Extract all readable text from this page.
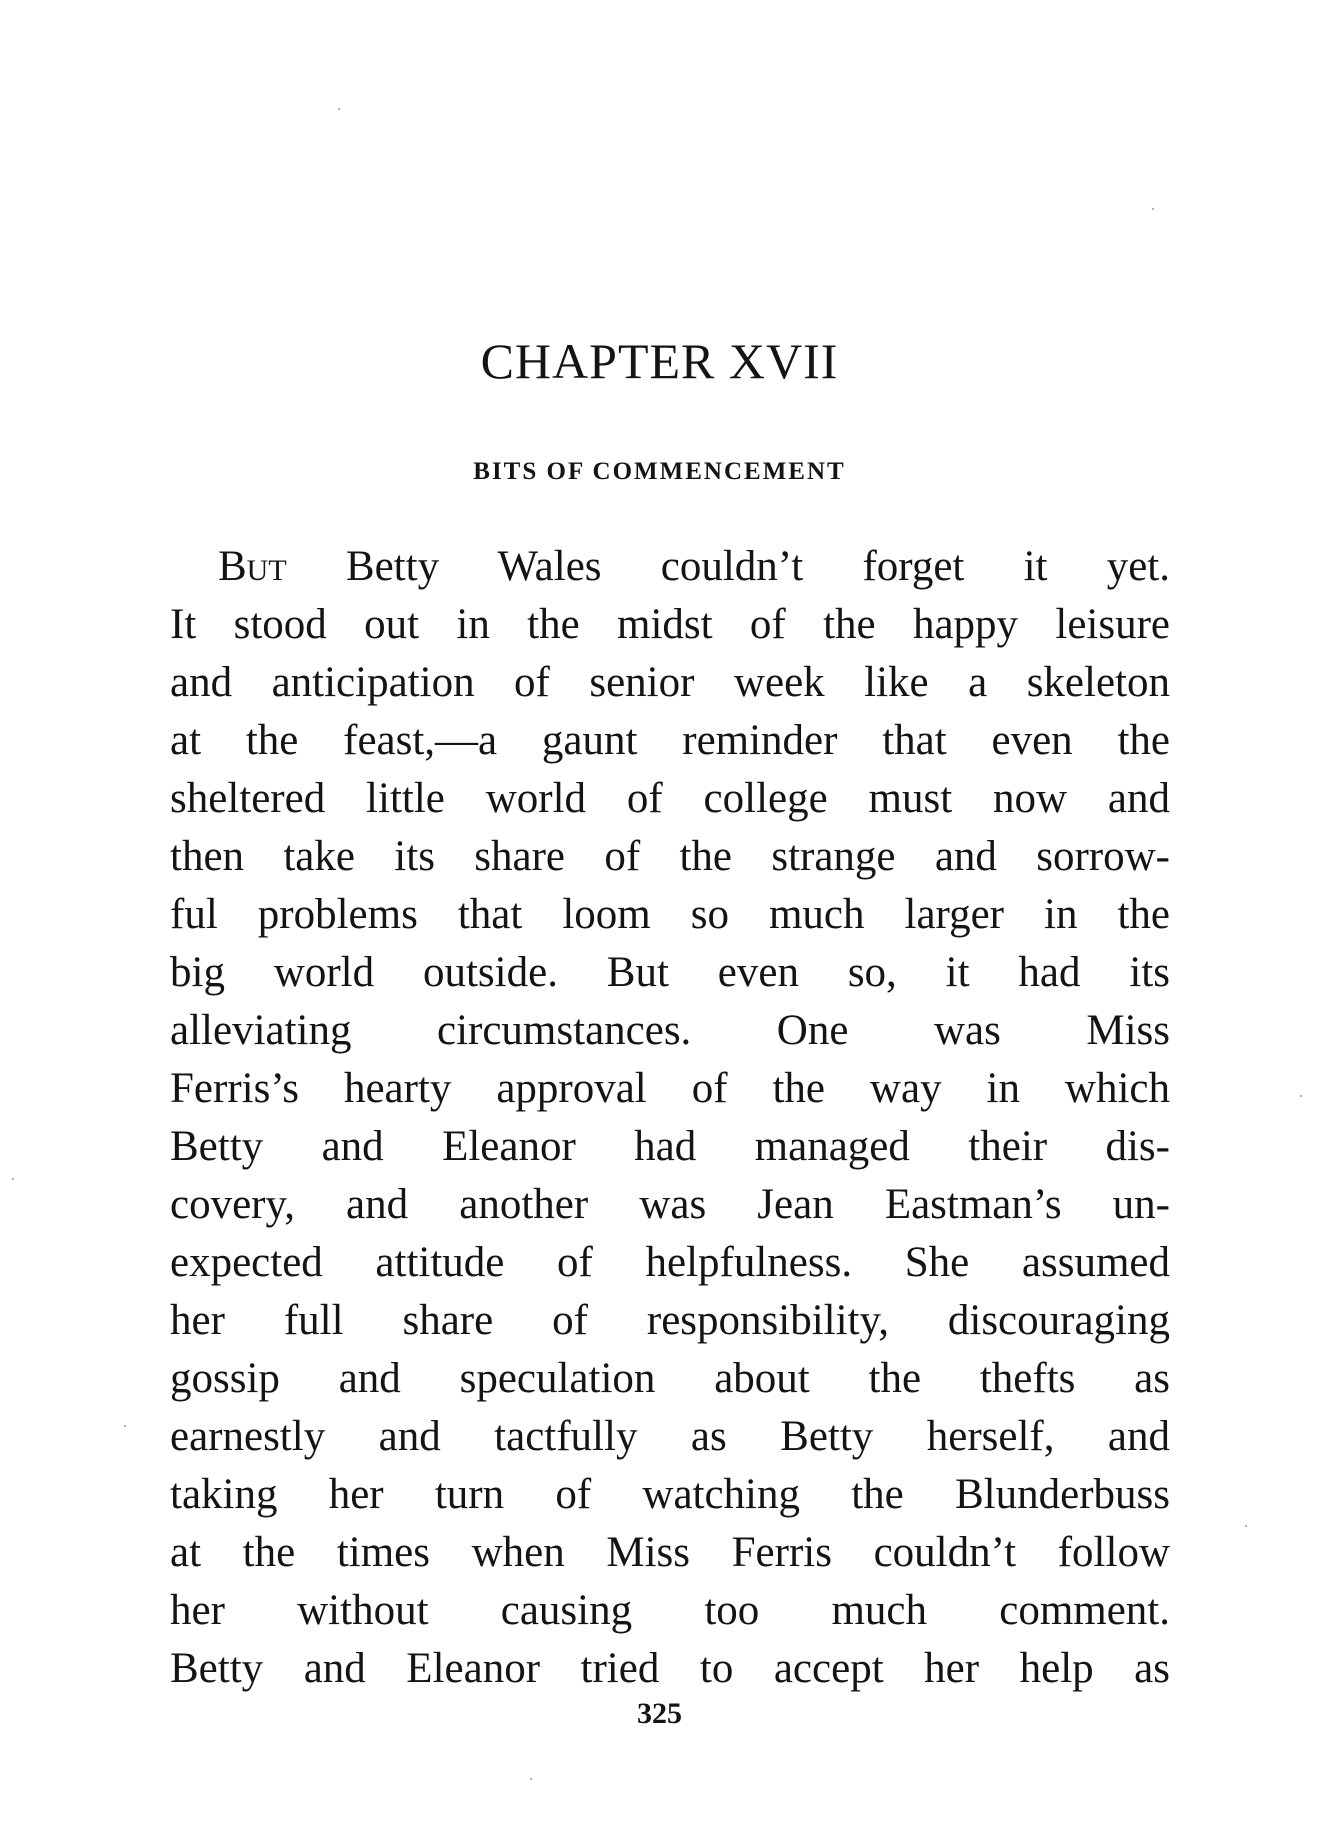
CHAPTER XVII
BITS OF COMMENCEMENT
But Betty Wales couldn’t forget it yet.
It stood out in the midst of the happy leisure
and anticipation of senior week like a skeleton
at the feast,—a gaunt reminder that even the
sheltered little world of college must now and
then take its share of the strange and sorrow-
ful problems that loom so much larger in the
big world outside. But even so, it had its
alleviating circumstances. One was Miss
Ferris’s hearty approval of the way in which
Betty and Eleanor had managed their dis-
covery, and another was Jean Eastman’s un-
expected attitude of helpfulness. She assumed
her full share of responsibility, discouraging
gossip and speculation about the thefts as
earnestly and tactfully as Betty herself, and
taking her turn of watching the Blunderbuss
at the times when Miss Ferris couldn’t follow
her without causing too much comment.
Betty and Eleanor tried to accept her help as
325
